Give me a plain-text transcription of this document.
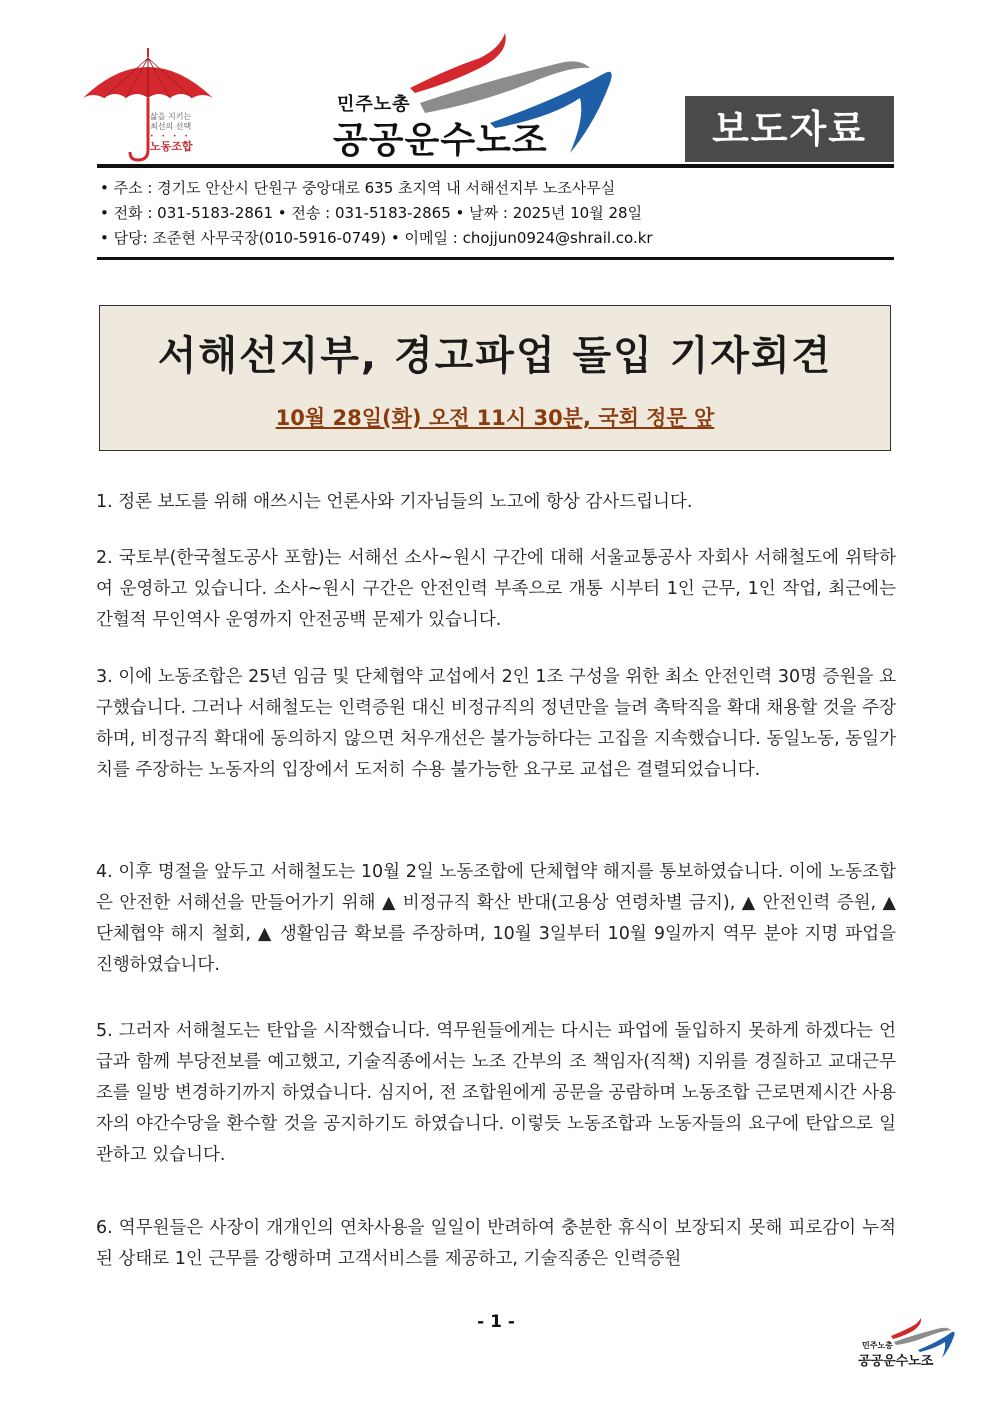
삶을 지키는
최선의 선택
• • • •
노동조합
민주노총
공공운수노조	보도자료
• 주소 : 경기도 안산시 단원구 중앙대로 635 초지역 내 서해선지부 노조사무실
• 전화 : 031-5183-2861 • 전송 : 031-5183-2865 • 날짜 : 2025년 10월 28일
• 담당: 조준현 사무국장(010-5916-0749) • 이메일 : chojjun0924@shrail.co.kr
서해선지부, 경고파업 돌입 기자회견
10월 28일(화) 오전 11시 30분, 국회 정문 앞
1. 정론 보도를 위해 애쓰시는 언론사와 기자님들의 노고에 항상 감사드립니다.
2. 국토부(한국철도공사 포함)는 서해선 소사~원시 구간에 대해 서울교통공사 자회사 서해철도에 위탁하여 운영하고 있습니다. 소사~원시 구간은 안전인력 부족으로 개통 시부터 1인 근무, 1인 작업, 최근에는 간헐적 무인역사 운영까지 안전공백 문제가 있습니다.
3. 이에 노동조합은 25년 임금 및 단체협약 교섭에서 2인 1조 구성을 위한 최소 안전인력 30명 증원을 요구했습니다. 그러나 서해철도는 인력증원 대신 비정규직의 정년만을 늘려 촉탁직을 확대 채용할 것을 주장하며, 비정규직 확대에 동의하지 않으면 처우개선은 불가능하다는 고집을 지속했습니다. 동일노동, 동일가치를 주장하는 노동자의 입장에서 도저히 수용 불가능한 요구로 교섭은 결렬되었습니다.
4. 이후 명절을 앞두고 서해철도는 10월 2일 노동조합에 단체협약 해지를 통보하였습니다. 이에 노동조합은 안전한 서해선을 만들어가기 위해 ▲ 비정규직 확산 반대(고용상 연령차별 금지), ▲ 안전인력 증원, ▲ 단체협약 해지 철회, ▲ 생활임금 확보를 주장하며, 10월 3일부터 10월 9일까지 역무 분야 지명 파업을 진행하였습니다.
5. 그러자 서해철도는 탄압을 시작했습니다. 역무원들에게는 다시는 파업에 돌입하지 못하게 하겠다는 언급과 함께 부당전보를 예고했고, 기술직종에서는 노조 간부의 조 책임자(직책) 지위를 경질하고 교대근무조를 일방 변경하기까지 하였습니다. 심지어, 전 조합원에게 공문을 공람하며 노동조합 근로면제시간 사용자의 야간수당을 환수할 것을 공지하기도 하였습니다. 이렇듯 노동조합과 노동자들의 요구에 탄압으로 일관하고 있습니다.
6. 역무원들은 사장이 개개인의 연차사용을 일일이 반려하여 충분한 휴식이 보장되지 못해 피로감이 누적된 상태로 1인 근무를 강행하며 고객서비스를 제공하고, 기술직종은 인력증원
- 1 -
민주노총
공공운수노조
